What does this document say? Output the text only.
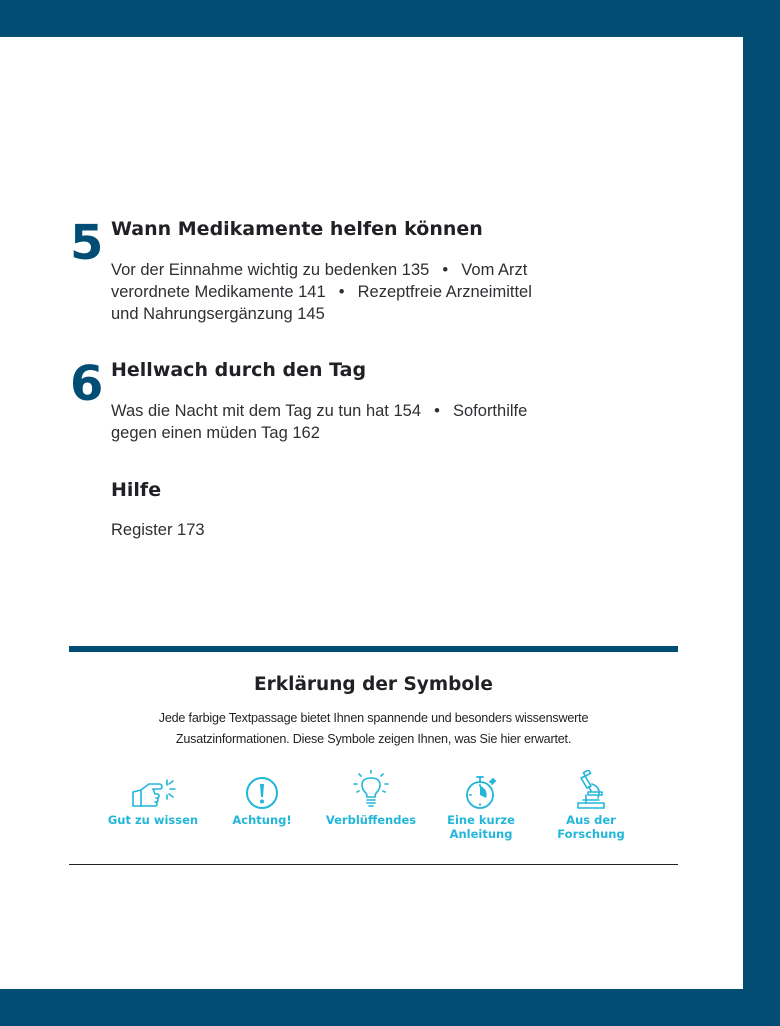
5 Wann Medikamente helfen können

Vor der Einnahme wichtig zu bedenken 135 • Vom Arzt
verordnete Medikamente 141 • Rezeptfreie Arzneimittel
und Nahrungsergänzung 145

6 Hellwach durch den Tag

Was die Nacht mit dem Tag zu tun hat 154 • Soforthilfe
gegen einen müden Tag 162

Hilfe

Register 173

Erklärung der Symbole

Jede farbige Textpassage bietet Ihnen spannende und besonders wissenswerte Zusatzinformationen. Diese Symbole zeigen Ihnen, was Sie hier erwartet.

Gut zu wissen	Achtung!	Verblüffendes	Eine kurze
Anleitung
Aus der
Forschung
